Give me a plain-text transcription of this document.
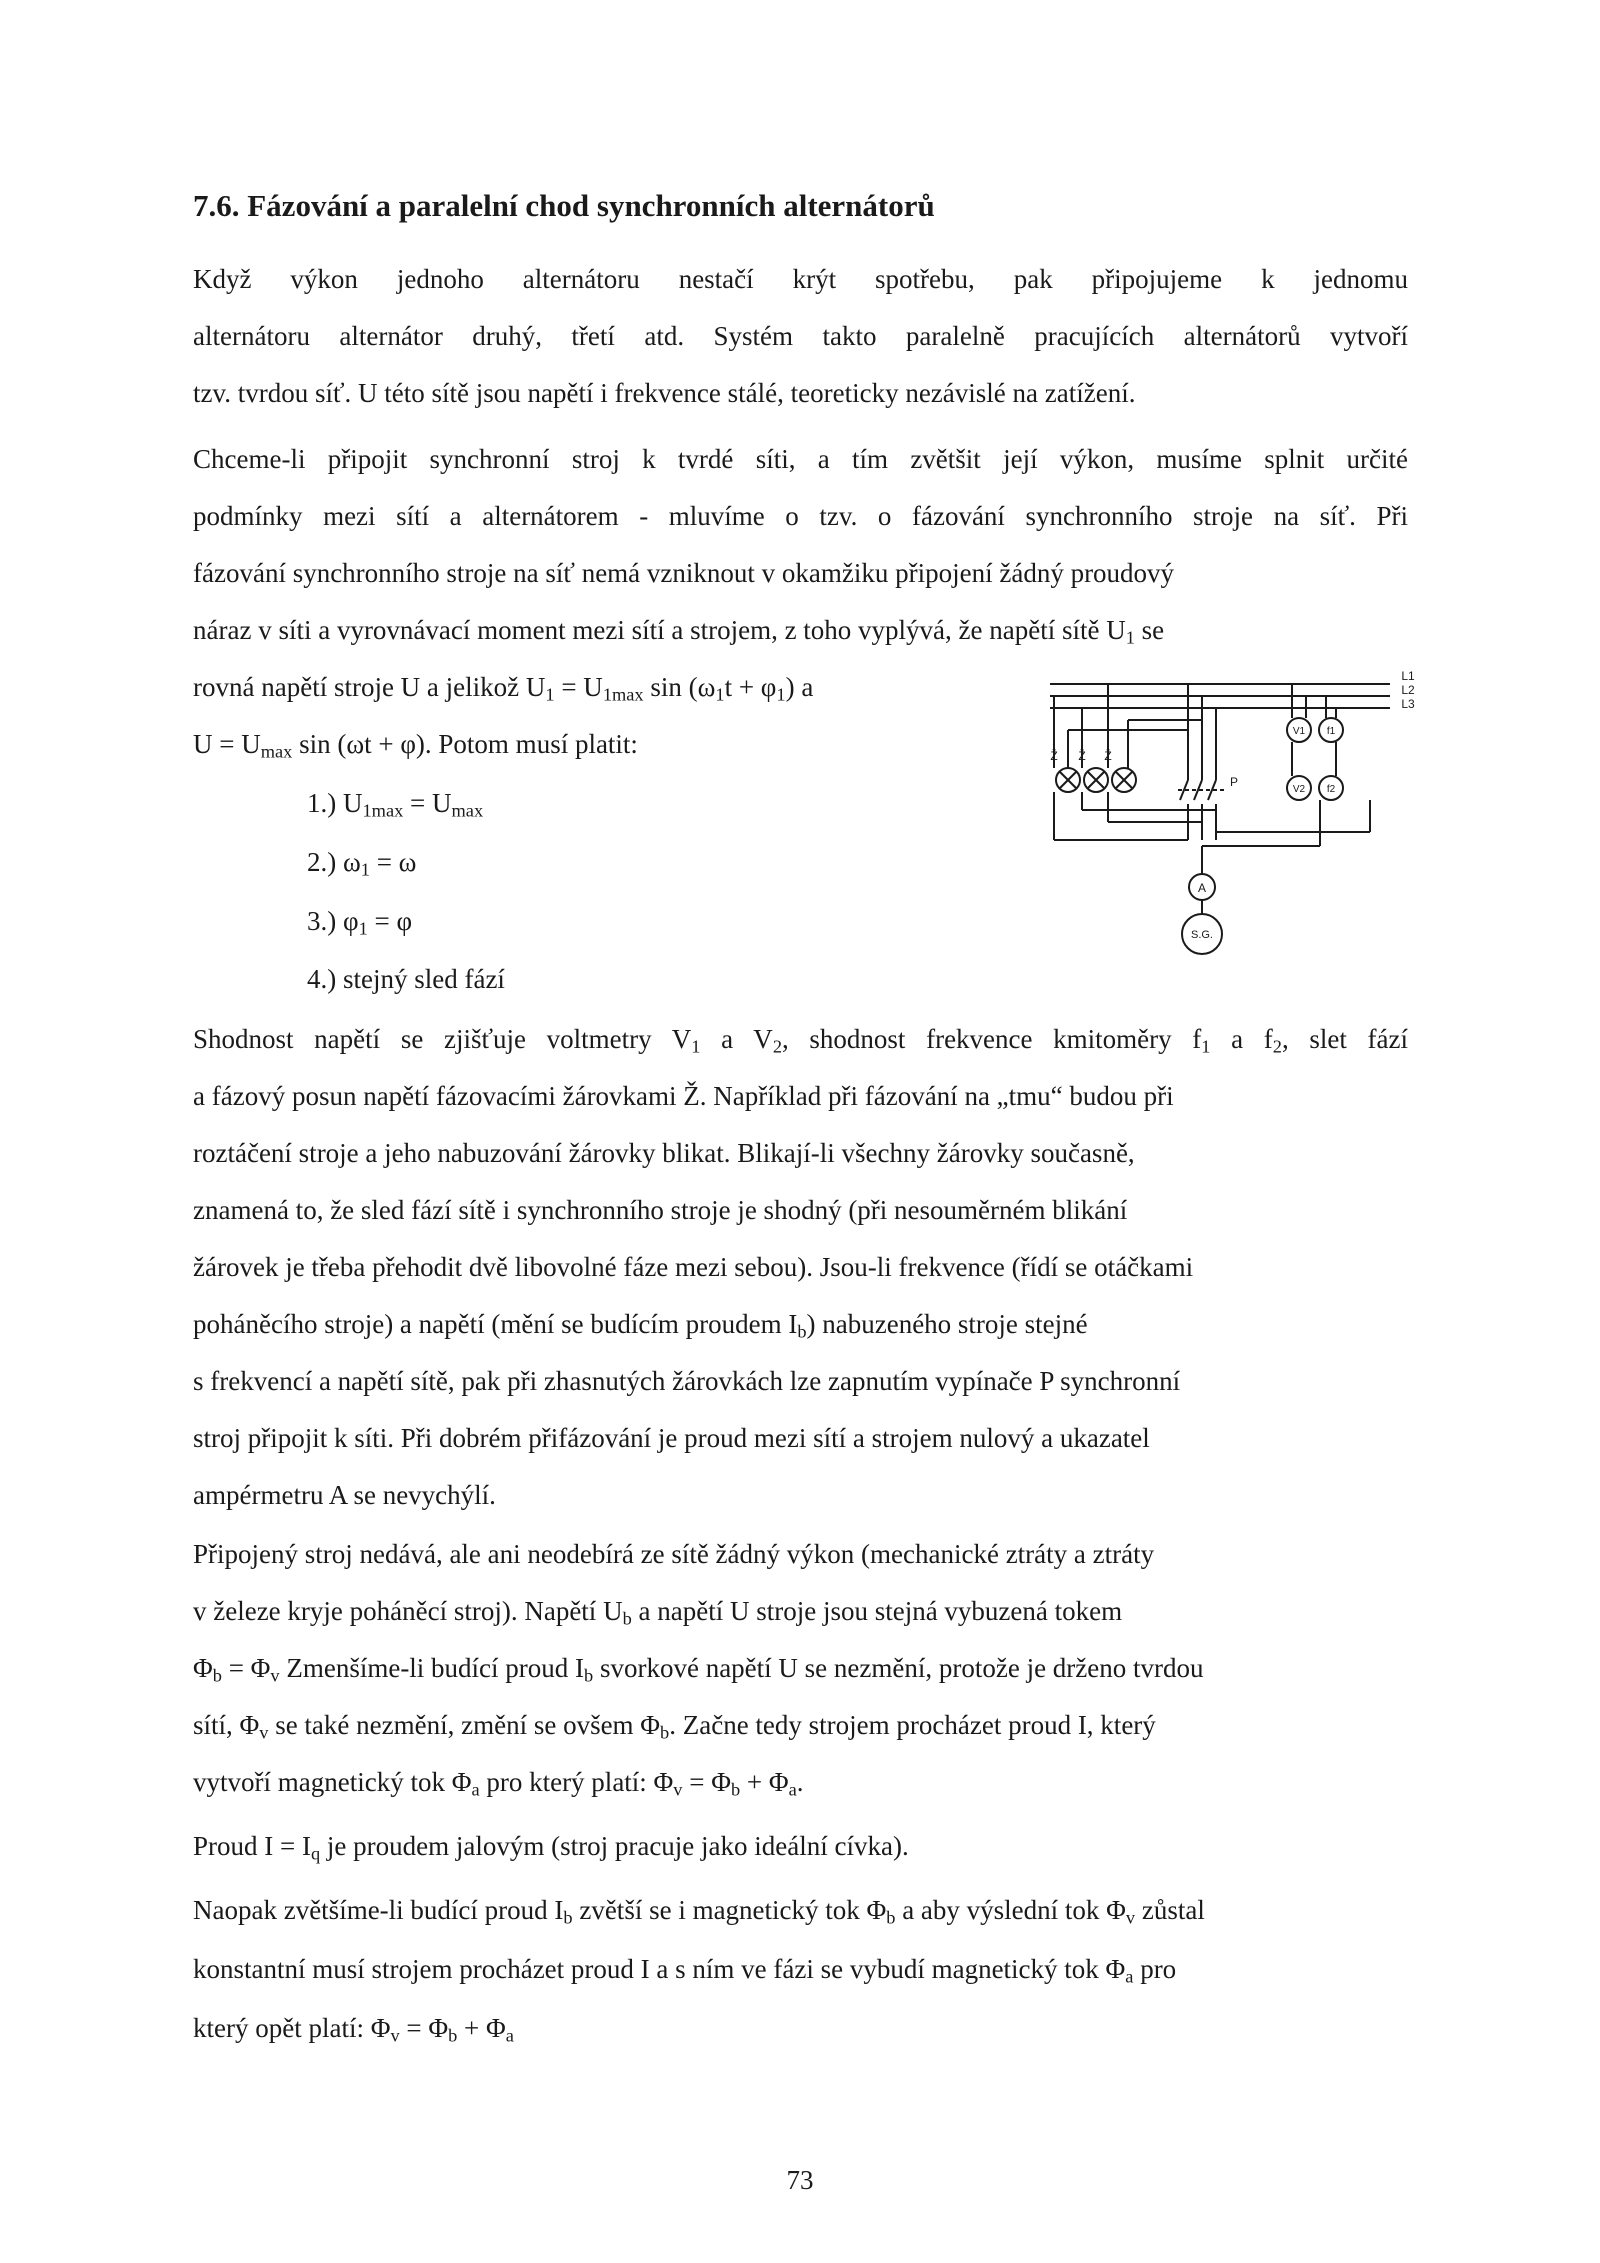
7.6. Fázování a paralelní chod synchronních alternátorů
Když výkon jednoho alternátoru nestačí krýt spotřebu, pak připojujeme k jednomu
alternátoru alternátor druhý, třetí atd. Systém takto paralelně pracujících alternátorů vytvoří
tzv. tvrdou síť. U této sítě jsou napětí i frekvence stálé, teoreticky nezávislé na zatížení.
Chceme-li připojit synchronní stroj k tvrdé síti, a tím zvětšit její výkon, musíme splnit určité
podmínky mezi sítí a alternátorem - mluvíme o tzv. o fázování synchronního stroje na síť. Při
fázování synchronního stroje na síť nemá vzniknout v okamžiku připojení žádný proudový
náraz v síti a vyrovnávací moment mezi sítí a strojem, z toho vyplývá, že napětí sítě $U_1$ se
rovná napětí stroje U a jelikož $U_1 = U_{1max}$ $\sin (\omega_1t + \varphi_1)$ a
$U = U_{max}$ sin (ωt + φ). Potom musí platit:
1.) $U_{1max} = U_{max}$
2.) $\omega_1 = \omega$
3.) $\varphi_1 = \varphi$
4.) stejný sled fází
Shodnost napětí se zjišťuje voltmetry $V_1$ a $V_2$, shodnost frekvence kmitoměry $f_1$ a $f_2$, slet fází
a fázový posun napětí fázovacími žárovkami Ž. Například při fázování na „tmu“ budou při
roztáčení stroje a jeho nabuzování žárovky blikat. Blikají-li všechny žárovky současně,
znamená to, že sled fází sítě i synchronního stroje je shodný (při nesouměrném blikání
žárovek je třeba přehodit dvě libovolné fáze mezi sebou). Jsou-li frekvence (řídí se otáčkami
poháněcího stroje) a napětí (mění se budícím proudem $I_b$) nabuzeného stroje stejné
s frekvencí a napětí sítě, pak při zhasnutých žárovkách lze zapnutím vypínače P synchronní
stroj připojit k síti. Při dobrém přifázování je proud mezi sítí a strojem nulový a ukazatel
ampérmetru A se nevychýlí.
Připojený stroj nedává, ale ani neodebírá ze sítě žádný výkon (mechanické ztráty a ztráty
v železe kryje poháněcí stroj). Napětí $U_b$ a napětí U stroje jsou stejná vybuzená tokem
$\Phi_b = \Phi_v$ Zmenšíme-li budící proud $I_b$ svorkové napětí U se nezmění, protože je drženo tvrdou
sítí, $\Phi_v$ se také nezmění, změní se ovšem $\Phi_b$. Začne tedy strojem procházet proud I, který
vytvoří magnetický tok $\Phi_a$ pro který platí: $\Phi_v = \Phi_b + \Phi_a$.
Proud $I = I_q$ je proudem jalovým (stroj pracuje jako ideální cívka).
Naopak zvětšíme-li budící proud $I_b$ zvětší se i magnetický tok $\Phi_b$ a aby výslední tok $\Phi_v$ zůstal
konstantní musí strojem procházet proud I a s ním ve fázi se vybudí magnetický tok $\Phi_a$ pro
který opět platí: $\Phi_v = \Phi_b + \Phi_a$
L1
L2
L3
Ž Ž Ž
V1 f1
V2 f2
P
A
S.G.
73
